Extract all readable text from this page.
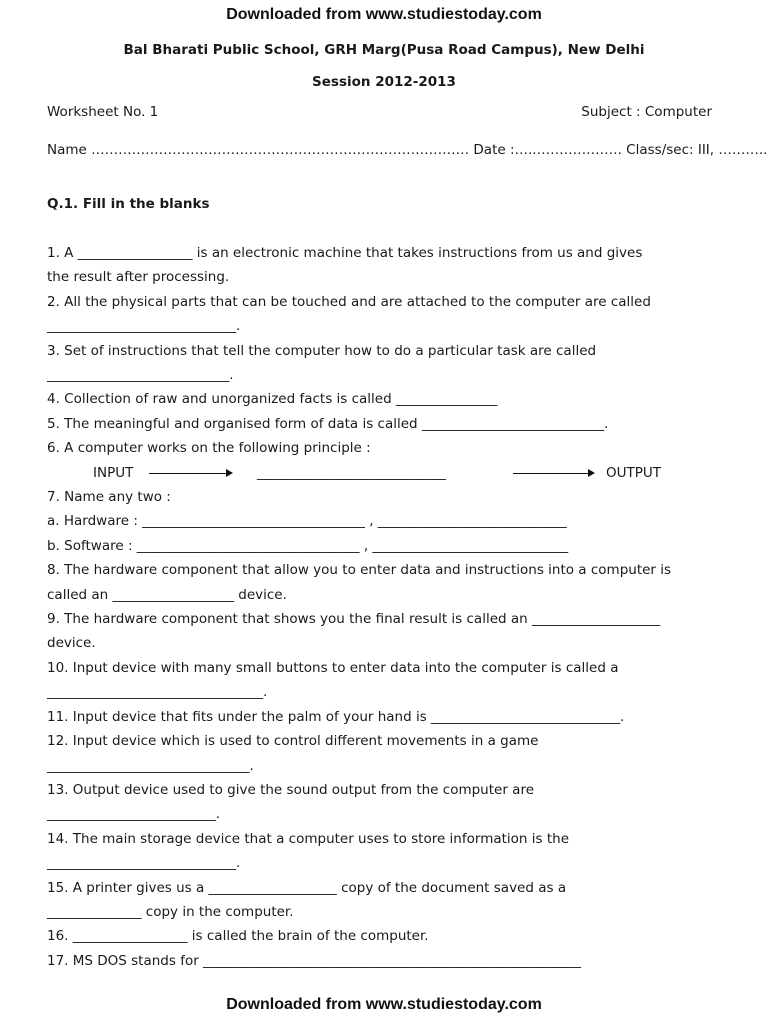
Downloaded from www.studiestoday.com
Bal Bharati Public School, GRH Marg(Pusa Road Campus), New Delhi
Session 2012-2013
Worksheet No. 1	Subject : Computer
Name ………………………………………………………………………… Date :…..………………. Class/sec: III, ………..
Q.1. Fill in the blanks

1. A _________________ is an electronic machine that takes instructions from us and gives

the result after processing.

2. All the physical parts that can be touched and are attached to the computer are called

____________________________.

3. Set of instructions that tell the computer how to do a particular task are called

___________________________.

4. Collection of raw and unorganized facts is called _______________

5. The meaningful and organised form of data is called ___________________________.

6. A computer works on the following principle :

INPUT	____________________________	OUTPUT

7. Name any two :

a. Hardware : _________________________________ , ____________________________

b. Software : _________________________________ , _____________________________

8. The hardware component that allow you to enter data and instructions into a computer is

called an __________________ device.

9. The hardware component that shows you the final result is called an ___________________

device.

10. Input device with many small buttons to enter data into the computer is called a

________________________________.

11. Input device that fits under the palm of your hand is ____________________________.

12. Input device which is used to control different movements in a game

______________________________.

13. Output device used to give the sound output from the computer are

_________________________.

14. The main storage device that a computer uses to store information is the

____________________________.

15. A printer gives us a ___________________ copy of the document saved as a

______________ copy in the computer.

16. _________________ is called the brain of the computer.

17. MS DOS stands for ________________________________________________________

Downloaded from www.studiestoday.com
